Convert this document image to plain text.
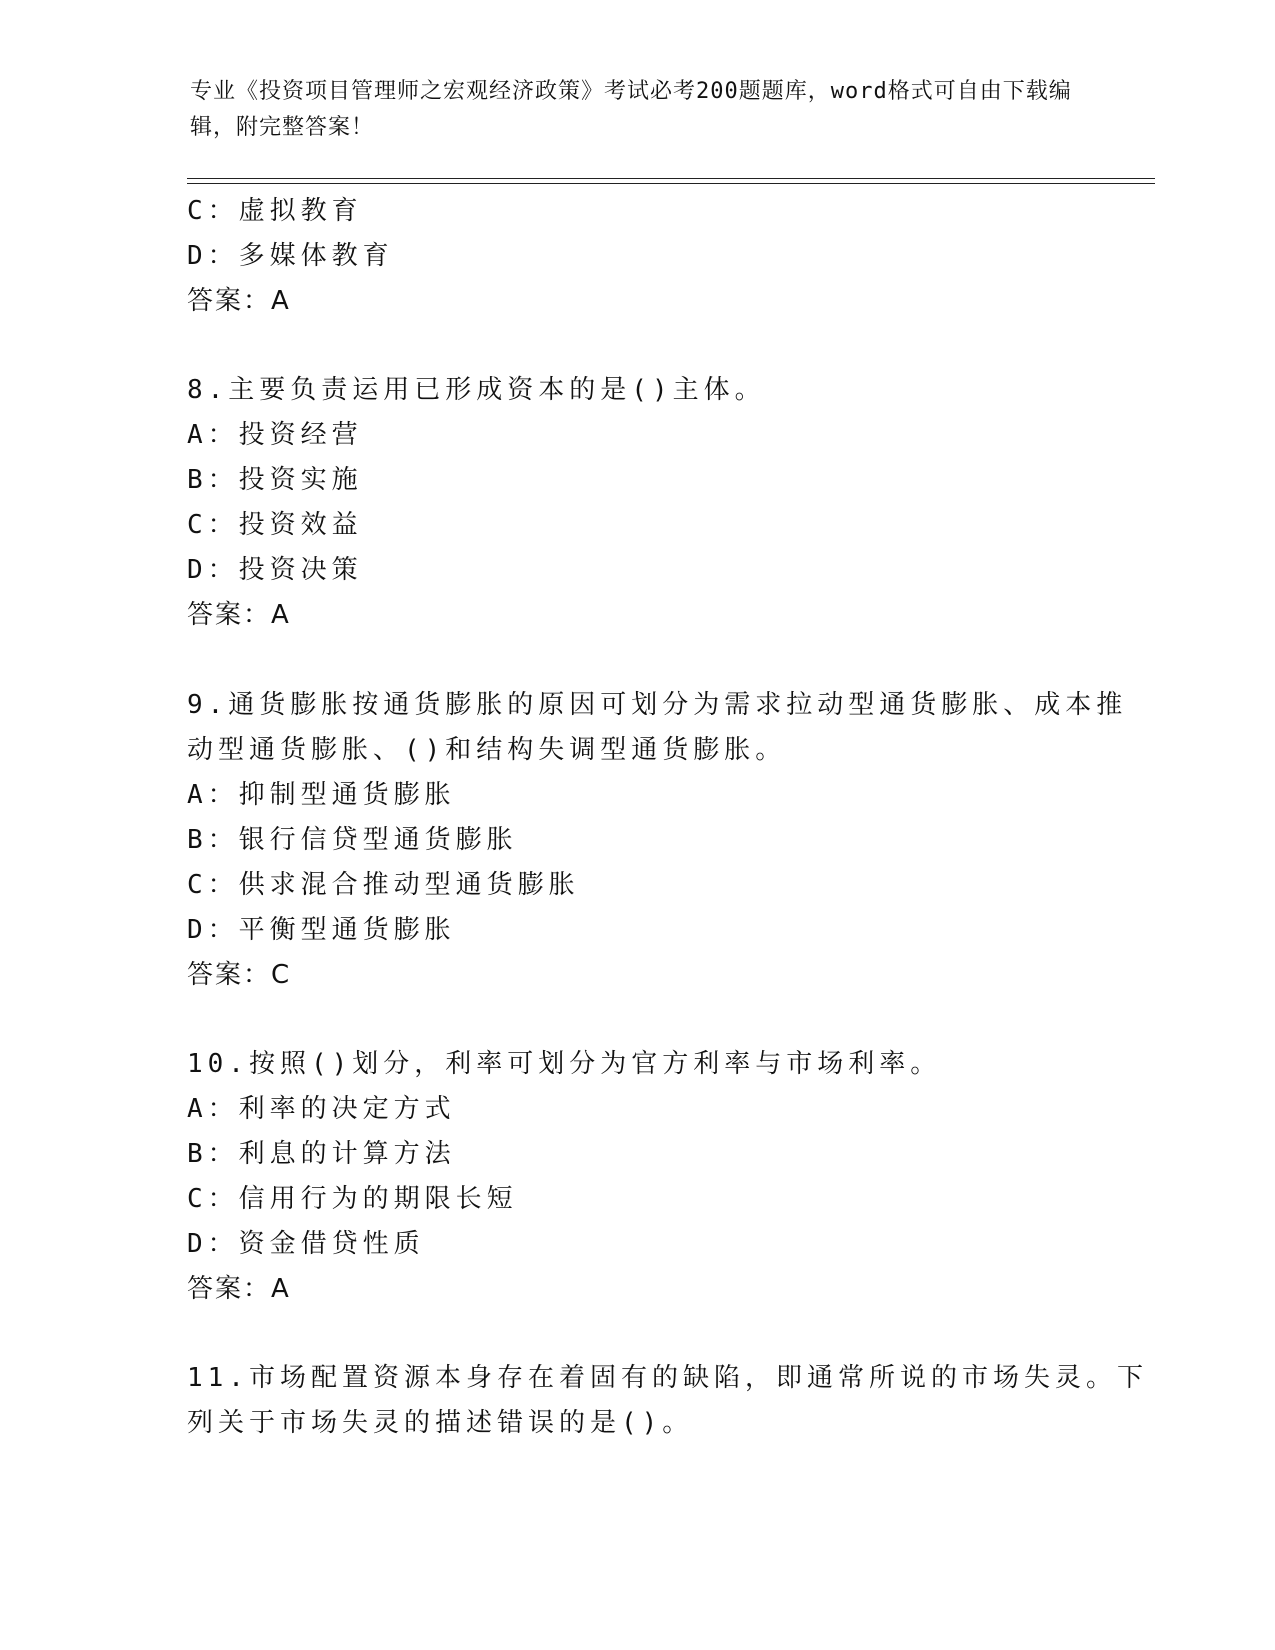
专业《投资项目管理师之宏观经济政策》考试必考200题题库，word格式可自由下载编辑，附完整答案！
C：虚拟教育
D：多媒体教育
答案：A
8.主要负责运用已形成资本的是()主体。
A：投资经营
B：投资实施
C：投资效益
D：投资决策
答案：A
9.通货膨胀按通货膨胀的原因可划分为需求拉动型通货膨胀、成本推
动型通货膨胀、()和结构失调型通货膨胀。
A：抑制型通货膨胀
B：银行信贷型通货膨胀
C：供求混合推动型通货膨胀
D：平衡型通货膨胀
答案：C
10.按照()划分，利率可划分为官方利率与市场利率。
A：利率的决定方式
B：利息的计算方法
C：信用行为的期限长短
D：资金借贷性质
答案：A
11.市场配置资源本身存在着固有的缺陷，即通常所说的市场失灵。下
列关于市场失灵的描述错误的是()。
